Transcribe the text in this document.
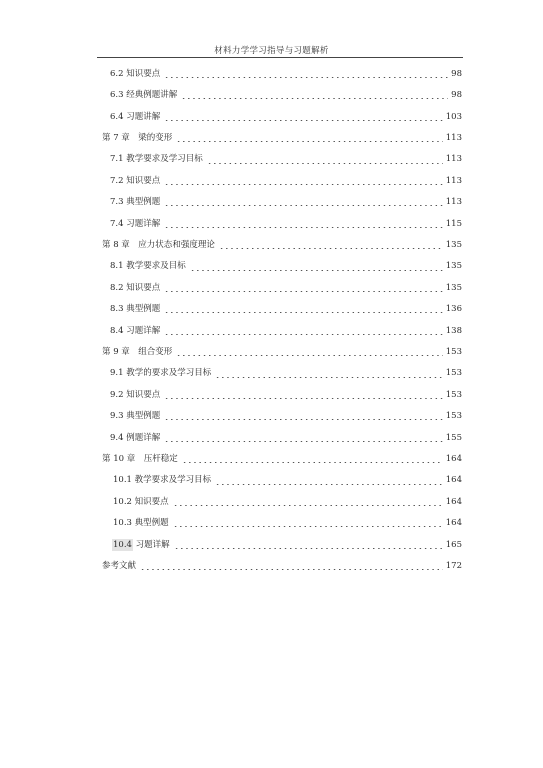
材料力学学习指导与习题解析
6.2 知识要点	98
6.3 经典例题讲解	98
6.4 习题讲解	103
第 7 章　梁的变形	113
7.1 教学要求及学习目标	113
7.2 知识要点	113
7.3 典型例题	113
7.4 习题详解	115
第 8 章　应力状态和强度理论	135
8.1 教学要求及目标	135
8.2 知识要点	135
8.3 典型例题	136
8.4 习题详解	138
第 9 章　组合变形	153
9.1 教学的要求及学习目标	153
9.2 知识要点	153
9.3 典型例题	153
9.4 例题详解	155
第 10 章　压杆稳定	164
10.1 教学要求及学习目标	164
10.2 知识要点	164
10.3 典型例题	164
10.4 习题详解	165
参考文献	172
